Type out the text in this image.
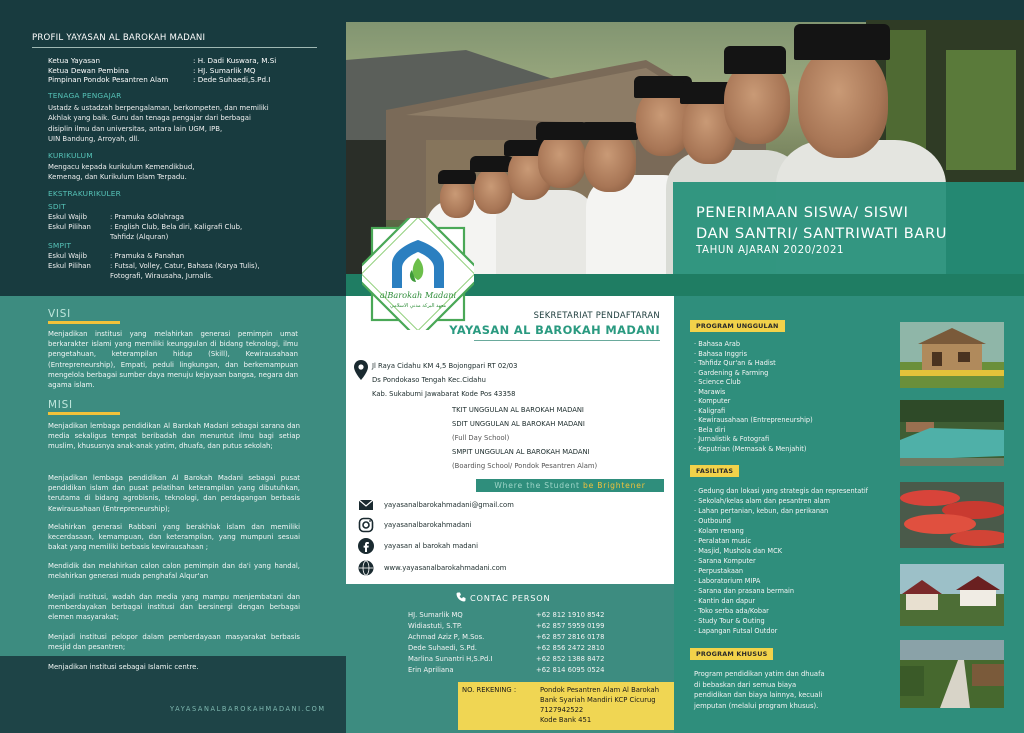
PROFIL YAYASAN AL BAROKAH MADANI
Ketua Yayasan	: H. Dadi Kuswara, M.Si
Ketua Dewan Pembina	: HJ. Sumarlik MQ
Pimpinan Pondok Pesantren Alam	: Dede Suhaedi,S.Pd.I
TENAGA PENGAJAR
Ustadz & ustadzah berpengalaman, berkompeten, dan memiliki
Akhlak yang baik. Guru dan tenaga pengajar dari berbagai
disiplin ilmu dan universitas, antara lain UGM, IPB,
UIN Bandung, Arroyah, dll.
KURIKULUM
Mengacu kepada kurikulum Kemendikbud,
Kemenag, dan Kurikulum Islam Terpadu.
EKSTRAKURIKULER
SDIT
Eskul Wajib	: Pramuka &Olahraga
Eskul Pilihan	: English Club, Bela diri, Kaligrafi Club,
Tahfidz (Alquran)
SMPIT
Eskul Wajib	: Pramuka & Panahan
Eskul Pilihan	: Futsal, Volley, Catur, Bahasa (Karya Tulis),
Fotografi, Wirausaha, Jurnalis.
PENERIMAAN SISWA/ SISWI
DAN SANTRI/ SANTRIWATI BARU
TAHUN AJARAN 2020/2021
VISI
Menjadikan institusi yang melahirkan generasi pemimpin umat berkarakter islami yang memiliki keunggulan di bidang teknologi, ilmu pengetahuan, keterampilan hidup (Skill), Kewirausahaan (Entrepreneurship), Empati, peduli lingkungan, dan berkemampuan mengelola berbagai sumber daya menuju kejayaan bangsa, negara dan agama islam.
MISI
Menjadikan lembaga pendidikan Al Barokah Madani sebagai sarana dan media sekaligus tempat beribadah dan menuntut ilmu bagi setiap muslim, khususnya anak-anak yatim, dhuafa, dan putus sekolah;
Menjadikan lembaga pendidikan Al Barokah Madani sebagai pusat pendidikan islam dan pusat pelatihan keterampilan yang dibutuhkan, terutama di bidang agrobisnis, teknologi, dan perdagangan berbasis Kewirausahaan (Entrepreneurship);
Melahirkan generasi Rabbani yang berakhlak islam dan memiliki kecerdasaan, kemampuan, dan keterampilan, yang mumpuni sesuai bakat yang memiliki berbasis kewirausahaan ;
Mendidik dan melahirkan calon calon pemimpin dan da'i yang handal, melahirkan generasi muda penghafal Alqur'an
Menjadi institusi, wadah dan media yang mampu menjembatani dan memberdayakan berbagai institusi dan bersinergi dengan berbagai elemen masyarakat;
Menjadi institusi pelopor dalam pemberdayaan masyarakat berbasis mesjid dan pesantren;
Menjadikan institusi sebagai Islamic centre.
YAYASANALBAROKAHMADANI.COM
SEKRETARIAT PENDAFTARAN
YAYASAN AL BAROKAH MADANI
Jl Raya Cidahu KM 4,5 Bojongpari RT 02/03
Ds Pondokaso Tengah Kec.Cidahu
Kab. Sukabumi Jawabarat Kode Pos 43358
TKIT UNGGULAN AL BAROKAH MADANI
SDIT UNGGULAN AL BAROKAH MADANI
(Full Day School)
SMPIT UNGGULAN AL BAROKAH MADANI
(Boarding School/ Pondok Pesantren Alam)
Where the Student be Brightener
yayasanalbarokahmadani@gmail.com
yayasanalbarokahmadani
yayasan al barokah madani
www.yayasanalbarokahmadani.com
CONTAC PERSON
HJ. Sumarlik MQ	+62 812 1910 8542
Widiastuti, S.TP.	+62 857 5959 0199
Achmad Aziz P, M.Sos.	+62 857 2816 0178
Dede Suhaedi, S.Pd.	+62 856 2472 2810
Marlina Sunantri H,S.Pd.I	+62 852 1388 8472
Erin Apriliana	+62 814 6095 0524
NO. REKENING :	Pondok Pesantren Alam Al Barokah
Bank Syariah Mandiri KCP Cicurug
7127942522
Kode Bank 451
PROGRAM UNGGULAN
· Bahasa Arab
· Bahasa Inggris
· Tahfidz Qur'an & Hadist
· Gardening & Farming
· Science Club
· Marawis
· Komputer
· Kaligrafi
· Kewirausahaan (Entrepreneurship)
· Bela diri
· Jurnalistik & Fotografi
· Keputrian (Memasak & Menjahit)
FASILITAS
· Gedung dan lokasi yang strategis dan representatif
· Sekolah/kelas alam dan pesantren alam
· Lahan pertanian, kebun, dan perikanan
· Outbound
· Kolam renang
· Peralatan music
· Masjid, Mushola dan MCK
· Sarana Komputer
· Perpustakaan
· Laboratorium MIPA
· Sarana dan prasana bermain
· Kantin dan dapur
· Toko serba ada/Kobar
· Study Tour & Outing
· Lapangan Futsal Outdor
PROGRAM KHUSUS
Program pendidikan yatim dan dhuafa
di bebaskan dari semua biaya
pendidikan dan biaya lainnya, kecuali
jemputan (melalui program khusus).
alBarokah Madani
معهد البركة مدني الاسلامي
